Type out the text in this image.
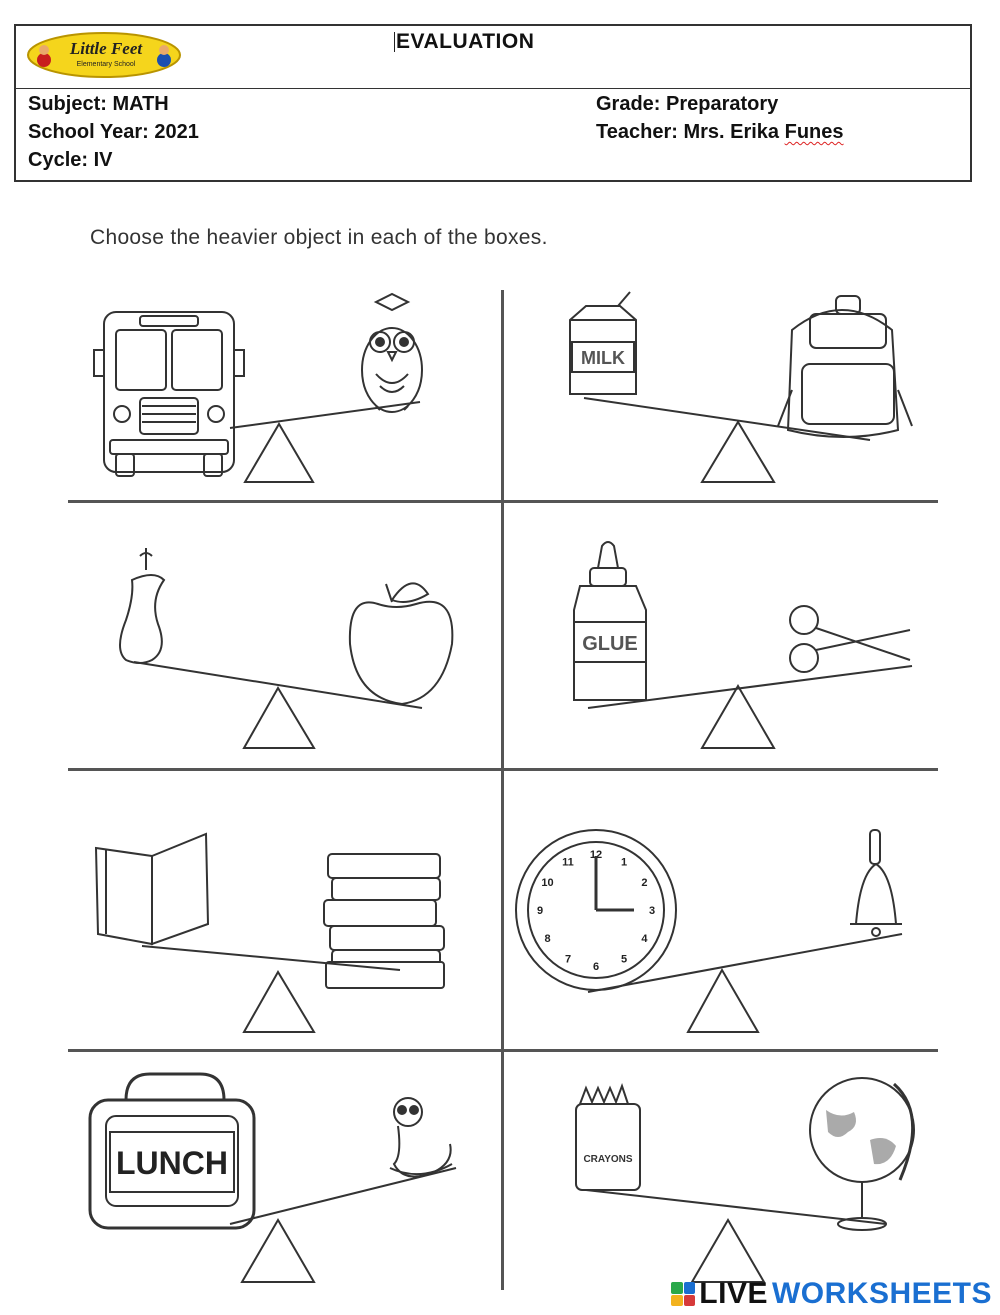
Little Feet
Elementary School
EVALUATION
Subject: MATH
School Year: 2021
Cycle: IV
Grade: Preparatory
Teacher: Mrs. Erika Funes
Choose the heavier object in each of the boxes.
MILK
GLUE
12
1
2
3
4
5
6
7
8
9
10
11
LUNCH	CRAYONS
LIVE WORKSHEETS
